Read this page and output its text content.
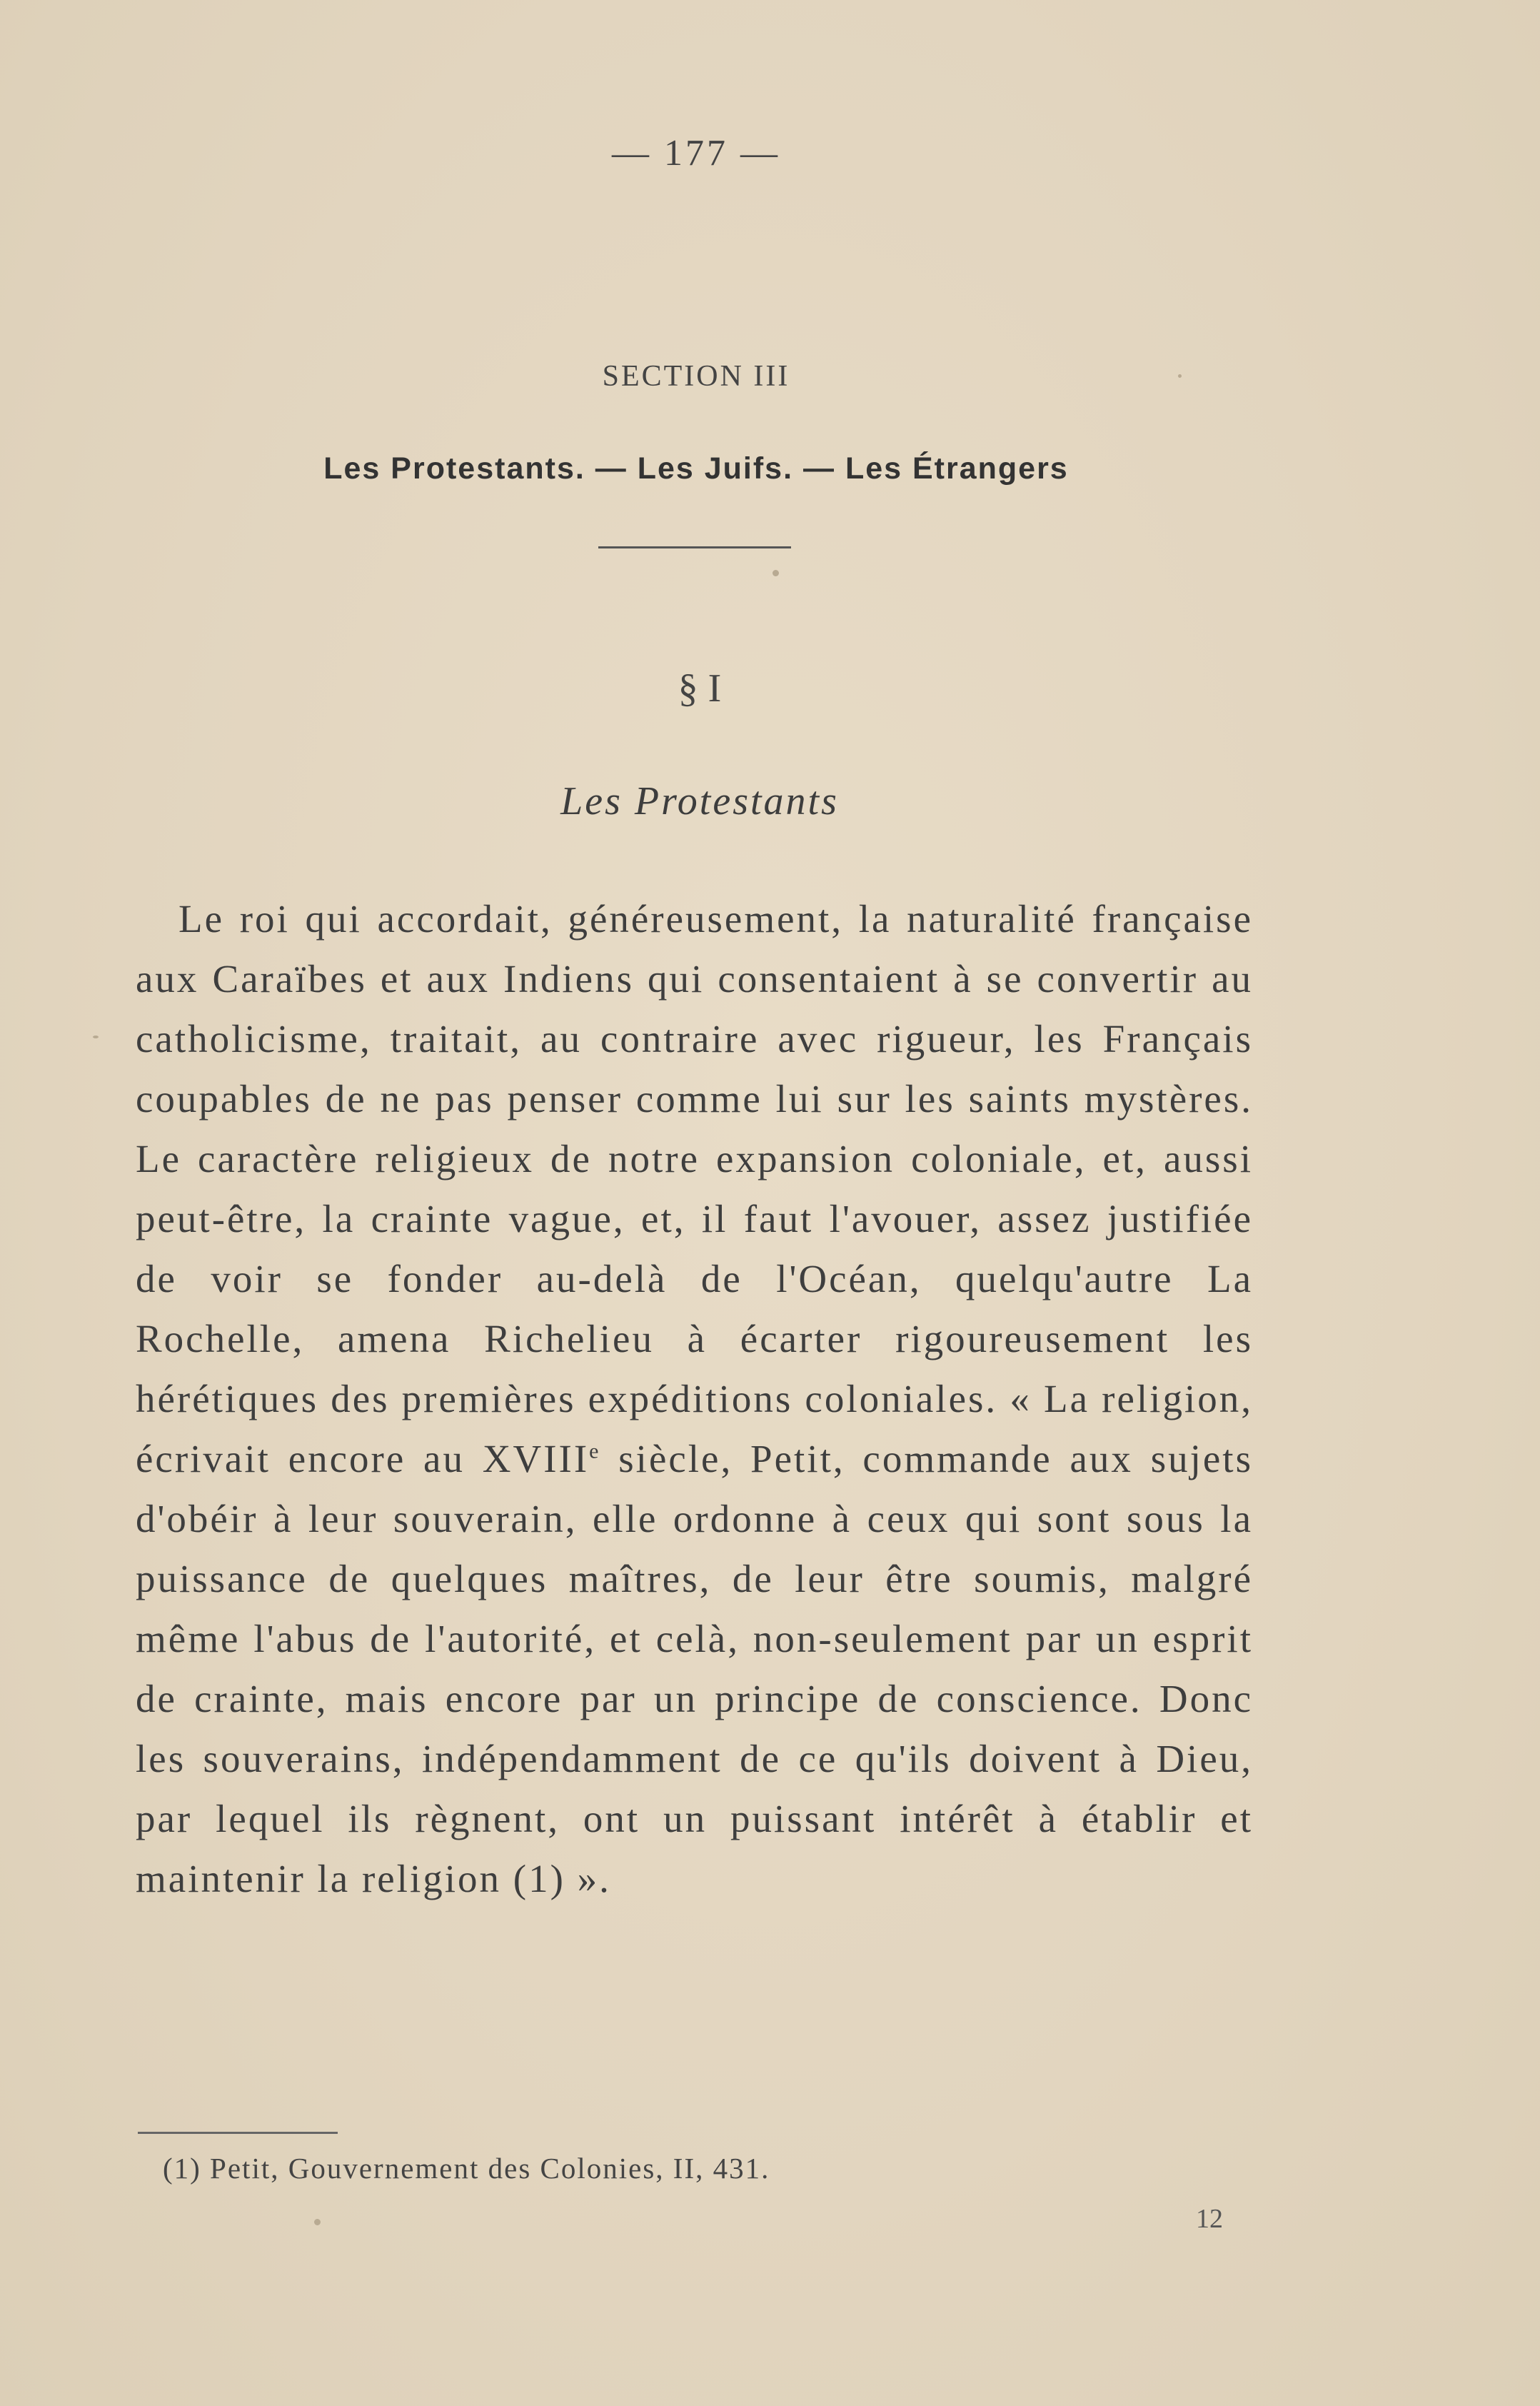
— 177 —
SECTION III
Les Protestants. — Les Juifs. — Les Étrangers
§ I
Les Protestants
Le roi qui accordait, généreusement, la naturalité française aux Caraïbes et aux Indiens qui consentaient à se convertir au catholicisme, traitait, au contraire avec rigueur, les Français coupables de ne pas penser comme lui sur les saints mystères. Le caractère religieux de notre expansion coloniale, et, aussi peut-être, la crainte vague, et, il faut l'avouer, assez justifiée de voir se fonder au-delà de l'Océan, quelqu'autre La Rochelle, amena Richelieu à écarter rigoureusement les hérétiques des premières expéditions coloniales. « La religion, écrivait encore au XVIIIe siècle, Petit, commande aux sujets d'obéir à leur souverain, elle ordonne à ceux qui sont sous la puissance de quelques maîtres, de leur être soumis, malgré même l'abus de l'autorité, et celà, non-seulement par un esprit de crainte, mais encore par un principe de conscience. Donc les souverains, indépendamment de ce qu'ils doivent à Dieu, par lequel ils règnent, ont un puissant intérêt à établir et maintenir la religion (1) ».
(1) Petit, Gouvernement des Colonies, II, 431.
12
